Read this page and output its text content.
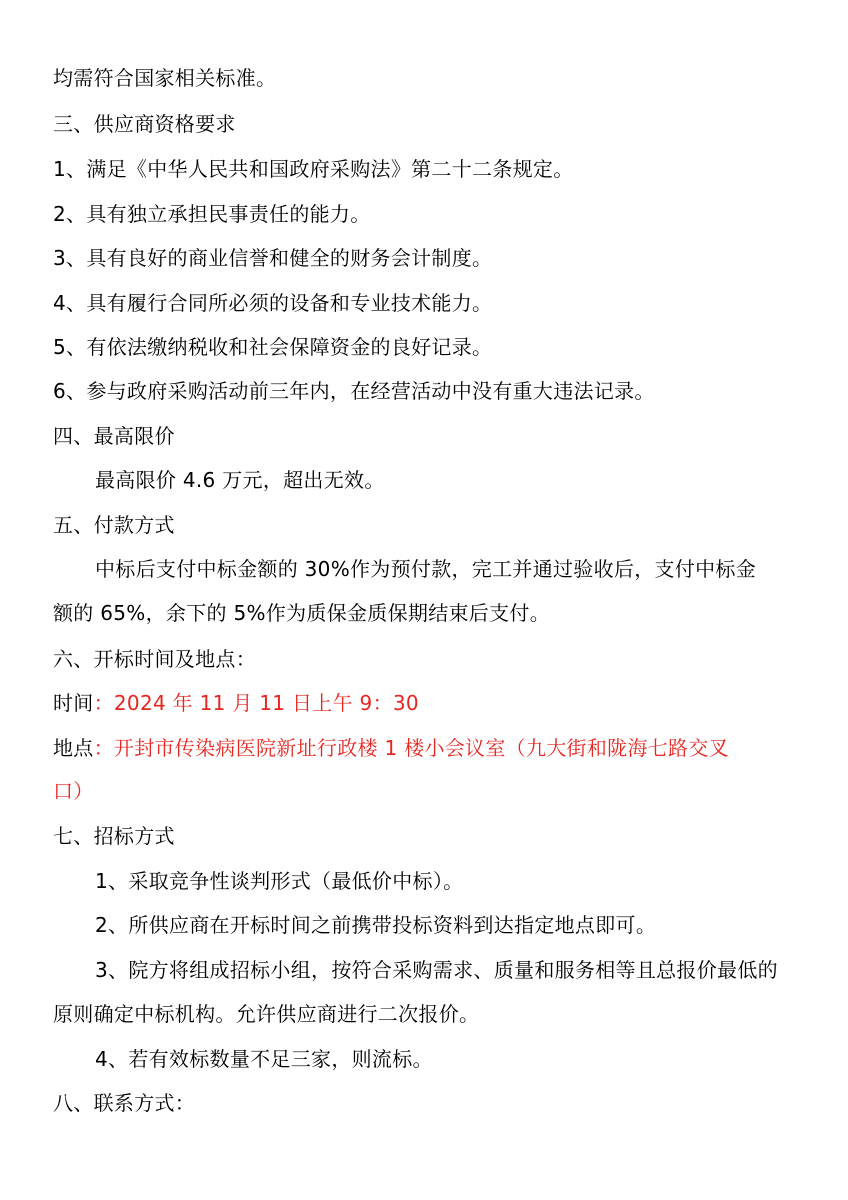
均需符合国家相关标准。
三、供应商资格要求
1、满足《中华人民共和国政府采购法》第二十二条规定。
2、具有独立承担民事责任的能力。
3、具有良好的商业信誉和健全的财务会计制度。
4、具有履行合同所必须的设备和专业技术能力。
5、有依法缴纳税收和社会保障资金的良好记录。
6、参与政府采购活动前三年内，在经营活动中没有重大违法记录。
四、最高限价
最高限价 4.6 万元，超出无效。
五、付款方式
中标后支付中标金额的 30%作为预付款，完工并通过验收后，支付中标金
额的 65%，余下的 5%作为质保金质保期结束后支付。
六、开标时间及地点：
时间：2024 年 11 月 11 日上午 9：30
地点：开封市传染病医院新址行政楼 1 楼小会议室（九大街和陇海七路交叉
口）
七、招标方式
1、采取竞争性谈判形式（最低价中标）。
2、所供应商在开标时间之前携带投标资料到达指定地点即可。
3、院方将组成招标小组，按符合采购需求、质量和服务相等且总报价最低的
原则确定中标机构。允许供应商进行二次报价。
4、若有效标数量不足三家，则流标。
八、联系方式：
